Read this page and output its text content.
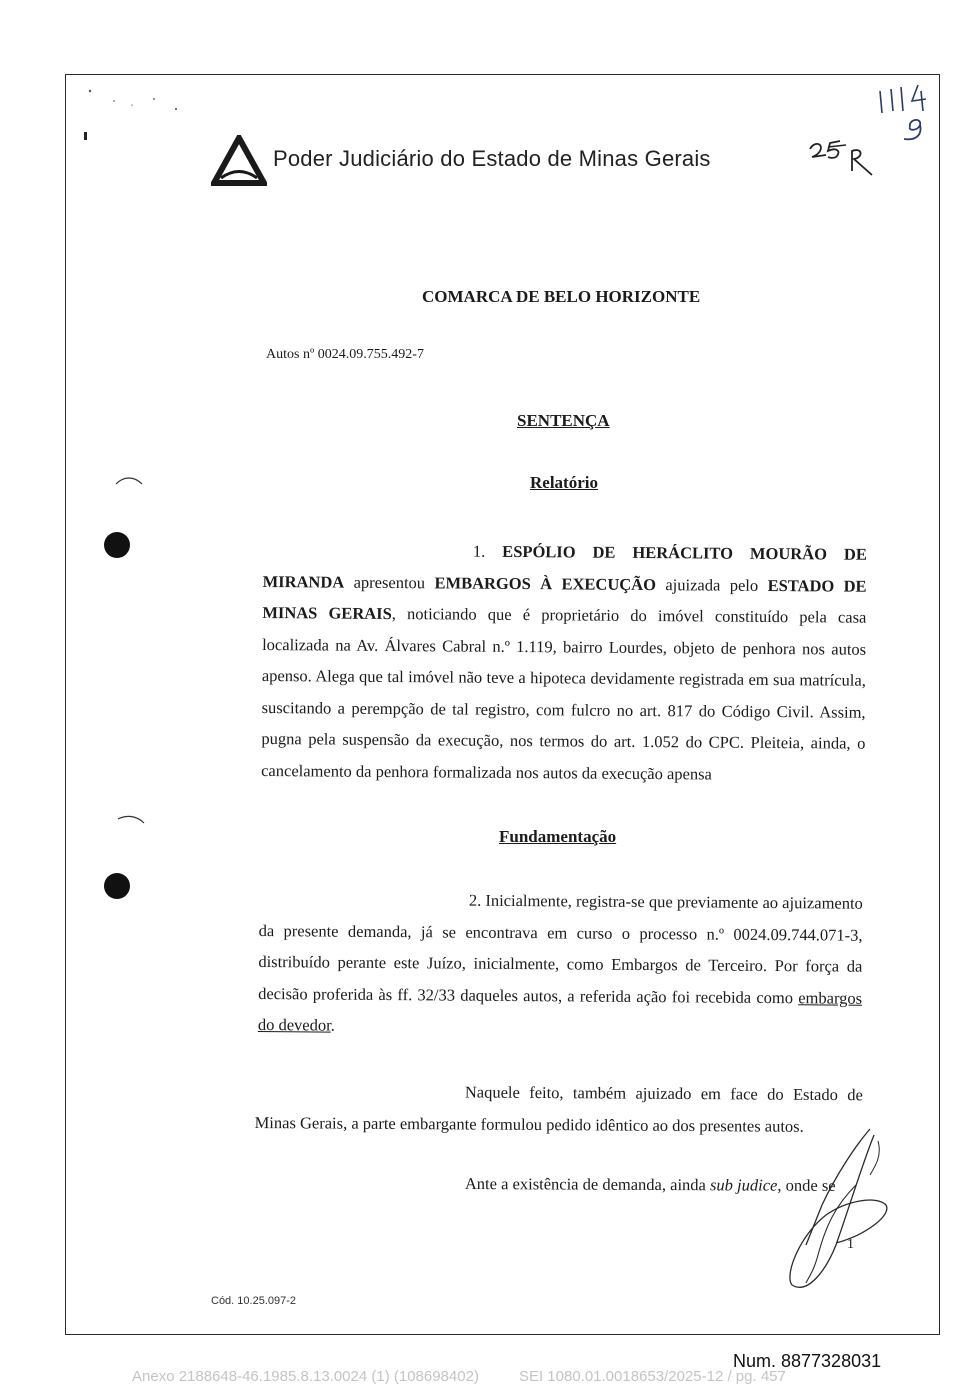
Poder Judiciário do Estado de Minas Gerais
COMARCA DE BELO HORIZONTE
Autos nº 0024.09.755.492-7
SENTENÇA
Relatório

1. ESPÓLIO DE HERÁCLITO MOURÃO DE MIRANDA apresentou EMBARGOS À EXECUÇÃO ajuizada pelo ESTADO DE MINAS GERAIS, noticiando que é proprietário do imóvel constituído pela casa localizada na Av. Álvares Cabral n.º 1.119, bairro Lourdes, objeto de penhora nos autos apenso. Alega que tal imóvel não teve a hipoteca devidamente registrada em sua matrícula, suscitando a perempção de tal registro, com fulcro no art. 817 do Código Civil. Assim, pugna pela suspensão da execução, nos termos do art. 1.052 do CPC. Pleiteia, ainda, o cancelamento da penhora formalizada nos autos da execução apensa

Fundamentação

2. Inicialmente, registra-se que previamente ao ajuizamento da presente demanda, já se encontrava em curso o processo n.º 0024.09.744.071-3, distribuído perante este Juízo, inicialmente, como Embargos de Terceiro. Por força da decisão proferida às ff. 32/33 daqueles autos, a referida ação foi recebida como embargos do devedor.

Naquele feito, também ajuizado em face do Estado de Minas Gerais, a parte embargante formulou pedido idêntico ao dos presentes autos.

Ante a existência de demanda, ainda sub judice, onde se

1
Cód. 10.25.097-2
Num. 8877328031
Anexo 2188648-46.1985.8.13.0024 (1) (108698402)	SEI 1080.01.0018653/2025-12 / pg. 457
